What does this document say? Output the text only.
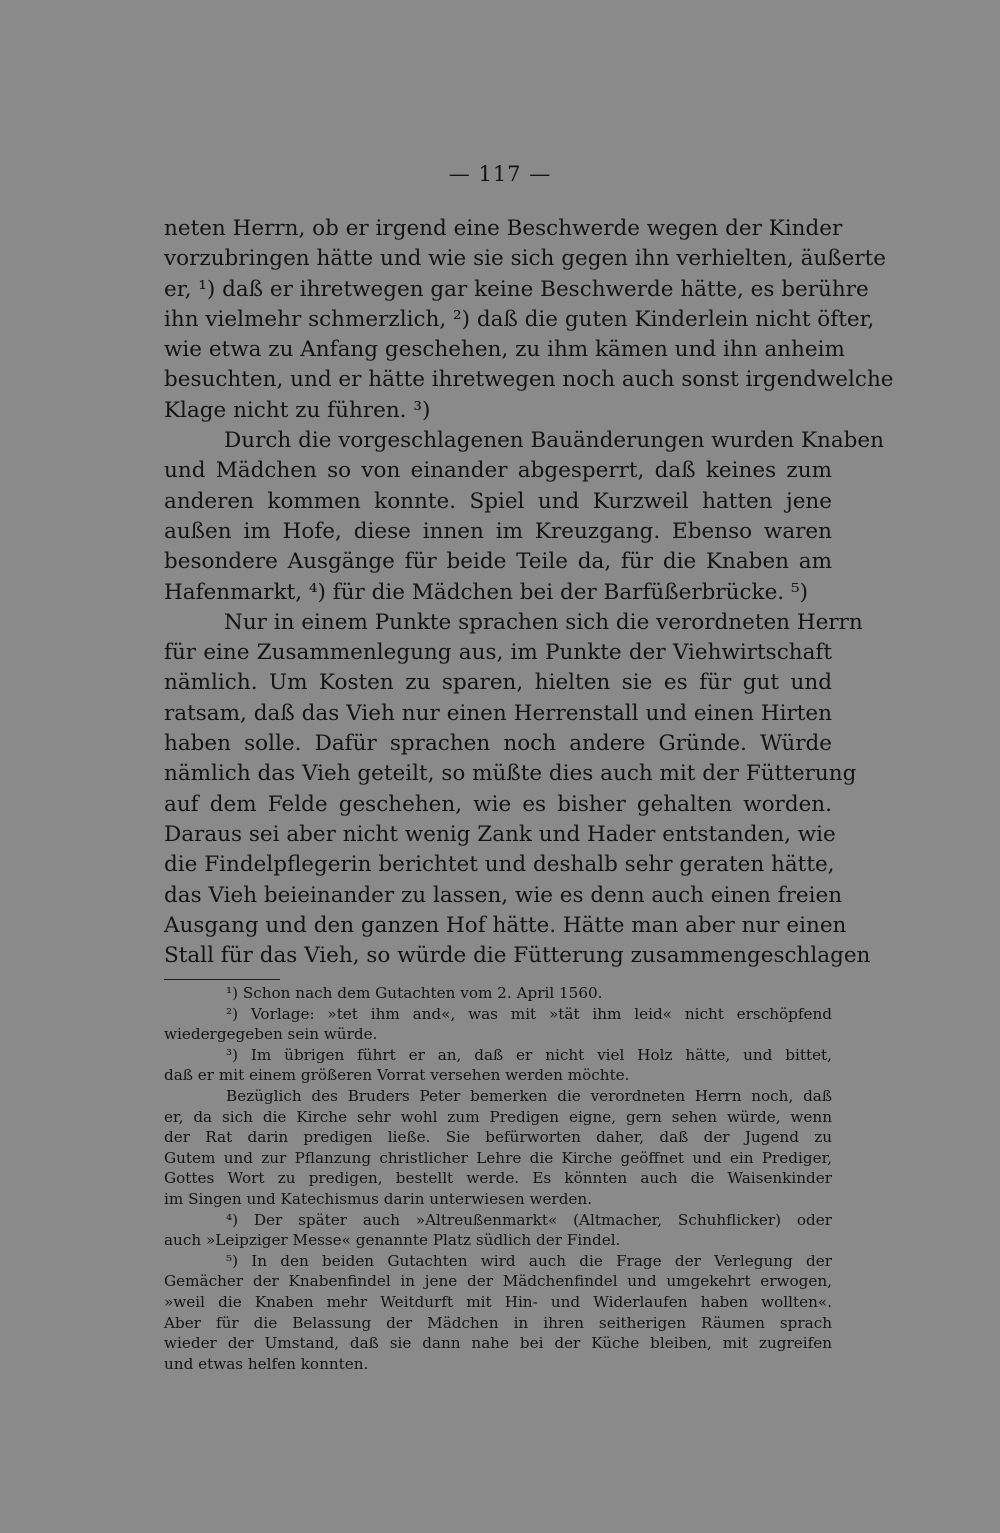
— 117 —
neten Herrn, ob er irgend eine Beschwerde wegen der Kinder
vorzubringen hätte und wie sie sich gegen ihn verhielten, äußerte
er, ¹) daß er ihretwegen gar keine Beschwerde hätte, es berühre
ihn vielmehr schmerzlich, ²) daß die guten Kinderlein nicht öfter,
wie etwa zu Anfang geschehen, zu ihm kämen und ihn anheim
besuchten, und er hätte ihretwegen noch auch sonst irgendwelche
Klage nicht zu führen. ³)
Durch die vorgeschlagenen Bauänderungen wurden Knaben
und Mädchen so von einander abgesperrt, daß keines zum
anderen kommen konnte. Spiel und Kurzweil hatten jene
außen im Hofe, diese innen im Kreuzgang. Ebenso waren
besondere Ausgänge für beide Teile da, für die Knaben am
Hafenmarkt, ⁴) für die Mädchen bei der Barfüßerbrücke. ⁵)
Nur in einem Punkte sprachen sich die verordneten Herrn
für eine Zusammenlegung aus, im Punkte der Viehwirtschaft
nämlich. Um Kosten zu sparen, hielten sie es für gut und
ratsam, daß das Vieh nur einen Herrenstall und einen Hirten
haben solle. Dafür sprachen noch andere Gründe. Würde
nämlich das Vieh geteilt, so müßte dies auch mit der Fütterung
auf dem Felde geschehen, wie es bisher gehalten worden.
Daraus sei aber nicht wenig Zank und Hader entstanden, wie
die Findelpflegerin berichtet und deshalb sehr geraten hätte,
das Vieh beieinander zu lassen, wie es denn auch einen freien
Ausgang und den ganzen Hof hätte. Hätte man aber nur einen
Stall für das Vieh, so würde die Fütterung zusammengeschlagen
¹) Schon nach dem Gutachten vom 2. April 1560.
²) Vorlage: »tet ihm and«, was mit »tät ihm leid« nicht erschöpfend
wiedergegeben sein würde.
³) Im übrigen führt er an, daß er nicht viel Holz hätte, und bittet,
daß er mit einem größeren Vorrat versehen werden möchte.
Bezüglich des Bruders Peter bemerken die verordneten Herrn noch, daß
er, da sich die Kirche sehr wohl zum Predigen eigne, gern sehen würde, wenn
der Rat darin predigen ließe. Sie befürworten daher, daß der Jugend zu
Gutem und zur Pflanzung christlicher Lehre die Kirche geöffnet und ein Prediger,
Gottes Wort zu predigen, bestellt werde. Es könnten auch die Waisenkinder
im Singen und Katechismus darin unterwiesen werden.
⁴) Der später auch »Altreußenmarkt« (Altmacher, Schuhflicker) oder
auch »Leipziger Messe« genannte Platz südlich der Findel.
⁵) In den beiden Gutachten wird auch die Frage der Verlegung der
Gemächer der Knabenfindel in jene der Mädchenfindel und umgekehrt erwogen,
»weil die Knaben mehr Weitdurft mit Hin- und Widerlaufen haben wollten«.
Aber für die Belassung der Mädchen in ihren seitherigen Räumen sprach
wieder der Umstand, daß sie dann nahe bei der Küche bleiben, mit zugreifen
und etwas helfen konnten.
